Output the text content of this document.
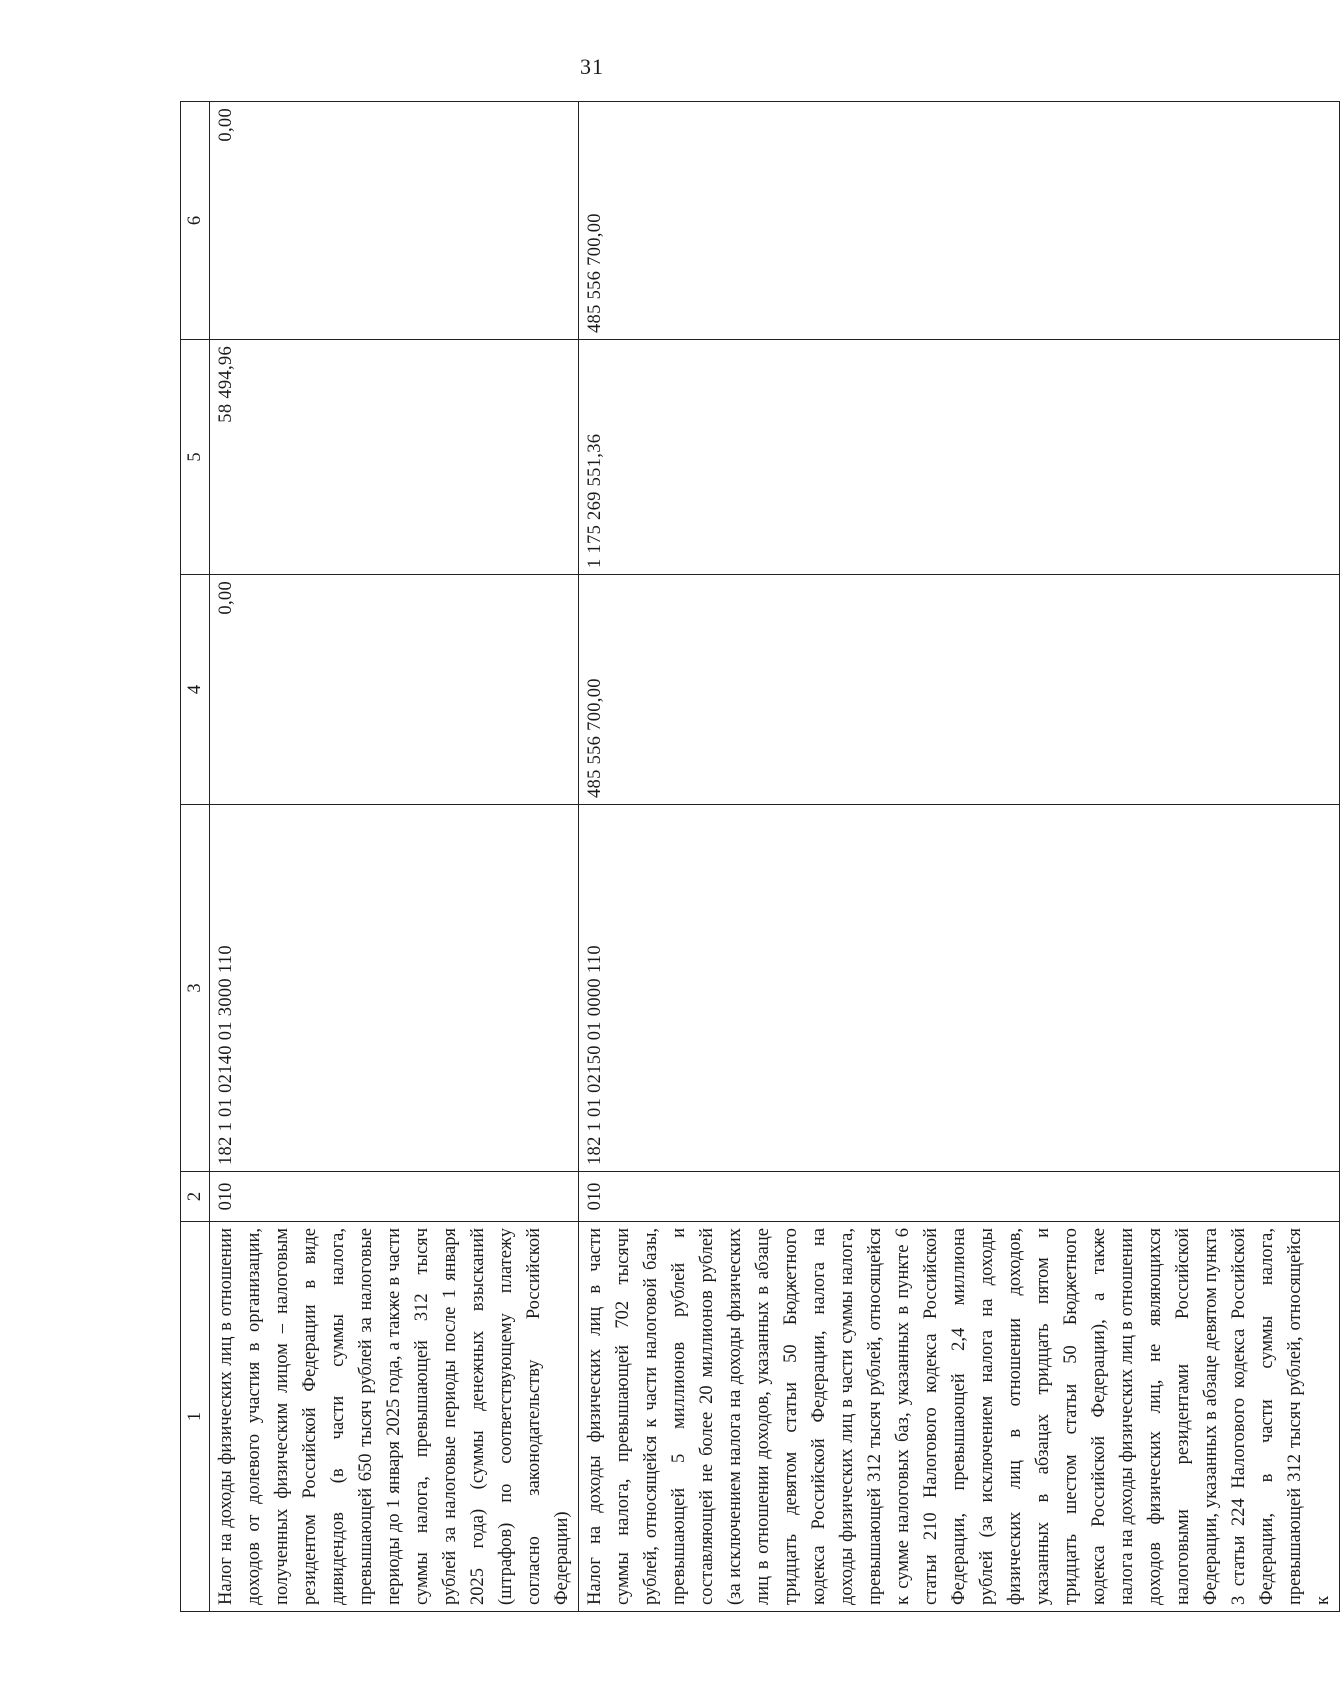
31
1	2	3	4	5	6
Налог на доходы физических лиц в отношении доходов от долевого участия в организации, полученных физическим лицом – налоговым резидентом Российской Федерации в виде дивидендов (в части суммы налога, превышающей 650 тысяч рублей за налоговые периоды до 1 января 2025 года, а также в части суммы налога, превышающей 312 тысяч рублей за налоговые периоды после 1 января 2025 года) (суммы денежных взысканий (штрафов) по соответствующему платежу согласно законодательству Российской Федерации)	010	182 1 01 02140 01 3000 110	0,00	58 494,96	0,00
Налог на доходы физических лиц в части суммы налога, превышающей 702 тысячи рублей, относящейся к части налоговой базы, превышающей 5 миллионов рублей и составляющей не более 20 миллионов рублей (за исключением налога на доходы физических лиц в отношении доходов, указанных в абзаце тридцать девятом статьи 50 Бюджетного кодекса Российской Федерации, налога на доходы физических лиц в части суммы налога, превышающей 312 тысяч рублей, относящейся к сумме налоговых баз, указанных в пункте 6 статьи 210 Налогового кодекса Российской Федерации, превышающей 2,4 миллиона рублей (за исключением налога на доходы физических лиц в отношении доходов, указанных в абзацах тридцать пятом и тридцать шестом статьи 50 Бюджетного кодекса Российской Федерации), а также налога на доходы физических лиц в отношении доходов физических лиц, не являющихся налоговыми резидентами Российской Федерации, указанных в абзаце девятом пункта 3 статьи 224 Налогового кодекса Российской Федерации, в части суммы налога, превышающей 312 тысяч рублей, относящейся к	010	182 1 01 02150 01 0000 110	485 556 700,00	1 175 269 551,36	485 556 700,00
